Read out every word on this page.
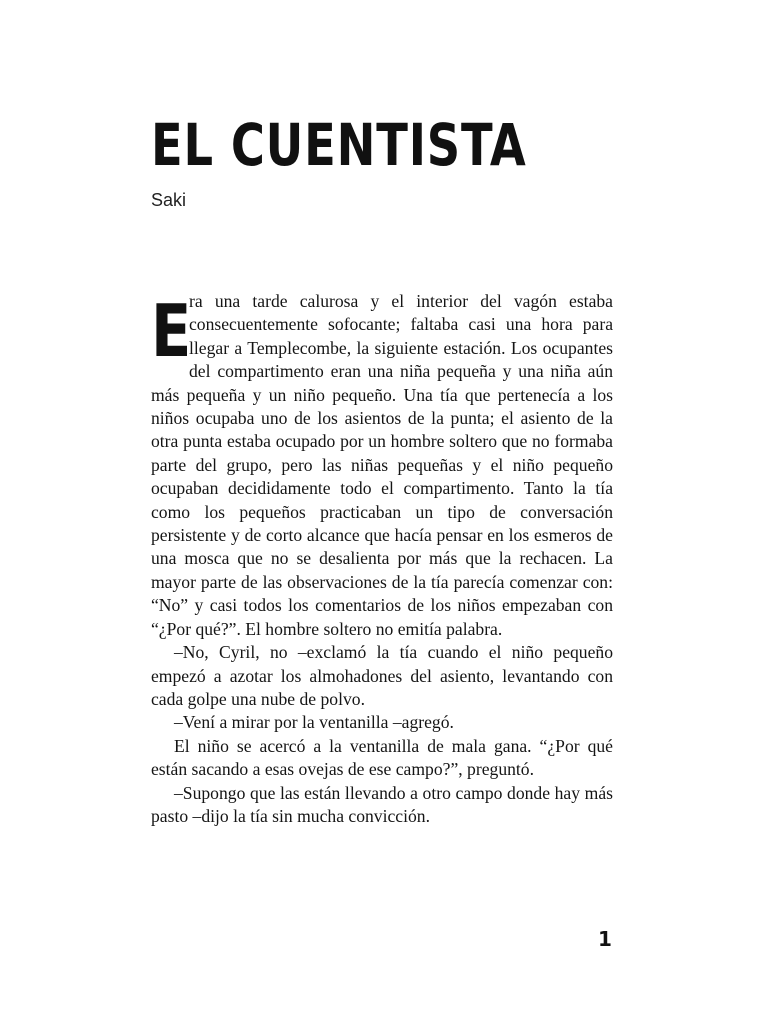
EL CUENTISTA
Saki

E
ra una tarde calurosa y el interior del vagón estaba consecuentemente sofocante; faltaba casi una hora para llegar a Templecombe, la siguiente estación. Los ocupantes del compartimento eran una niña pequeña y una niña aún más pequeña y un niño pequeño. Una tía que pertenecía a los niños ocupaba uno de los asientos de la punta; el asiento de la otra punta estaba ocupado por un hombre soltero que no formaba parte del grupo, pero las niñas pequeñas y el niño pequeño ocupaban decididamente todo el compartimento. Tanto la tía como los pequeños practicaban un tipo de conversación persistente y de corto alcance que hacía pensar en los esmeros de una mosca que no se desalienta por más que la rechacen. La mayor parte de las observaciones de la tía parecía comenzar con: “No” y casi todos los comentarios de los niños empezaban con “¿Por qué?”. El hombre soltero no emitía palabra.

–No, Cyril, no –exclamó la tía cuando el niño pequeño empezó a azotar los almohadones del asiento, levantando con cada golpe una nube de polvo.

–Vení a mirar por la ventanilla –agregó.

El niño se acercó a la ventanilla de mala gana. “¿Por qué están sacando a esas ovejas de ese campo?”, preguntó.

–Supongo que las están llevando a otro campo donde hay más pasto –dijo la tía sin mucha convicción.

1
